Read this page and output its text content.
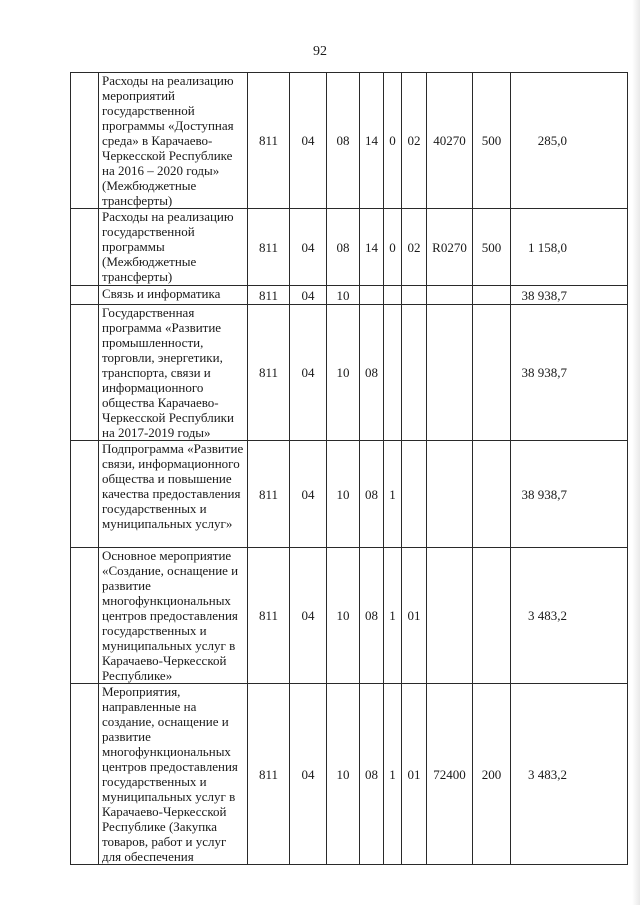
92
	Расходы на реализацию мероприятий государственной программы «Доступная среда» в Карачаево-Черкесской Республике на 2016 – 2020 годы» (Межбюджетные трансферты)	811	04	08	14	0	02	40270	500	285,0
	Расходы на реализацию государственной программы (Межбюджетные трансферты)	811	04	08	14	0	02	R0270	500	1 158,0
	Связь и информатика	811	04	10						38 938,7
	Государственная программа «Развитие промышленности, торговли, энергетики, транспорта, связи и информационного общества Карачаево-Черкесской Республики на 2017-2019 годы»	811	04	10	08					38 938,7
	Подпрограмма «Развитие связи, информационного общества и повышение качества предоставления государственных и муниципальных услуг»	811	04	10	08	1				38 938,7
	Основное мероприятие «Создание, оснащение и развитие многофункциональных центров предоставления государственных и муниципальных услуг в Карачаево-Черкесской Республике»	811	04	10	08	1	01			3 483,2
	Мероприятия, направленные на создание, оснащение и развитие многофункциональных центров предоставления государственных и муниципальных услуг в Карачаево-Черкесской Республике (Закупка товаров, работ и услуг для обеспечения	811	04	10	08	1	01	72400	200	3 483,2
